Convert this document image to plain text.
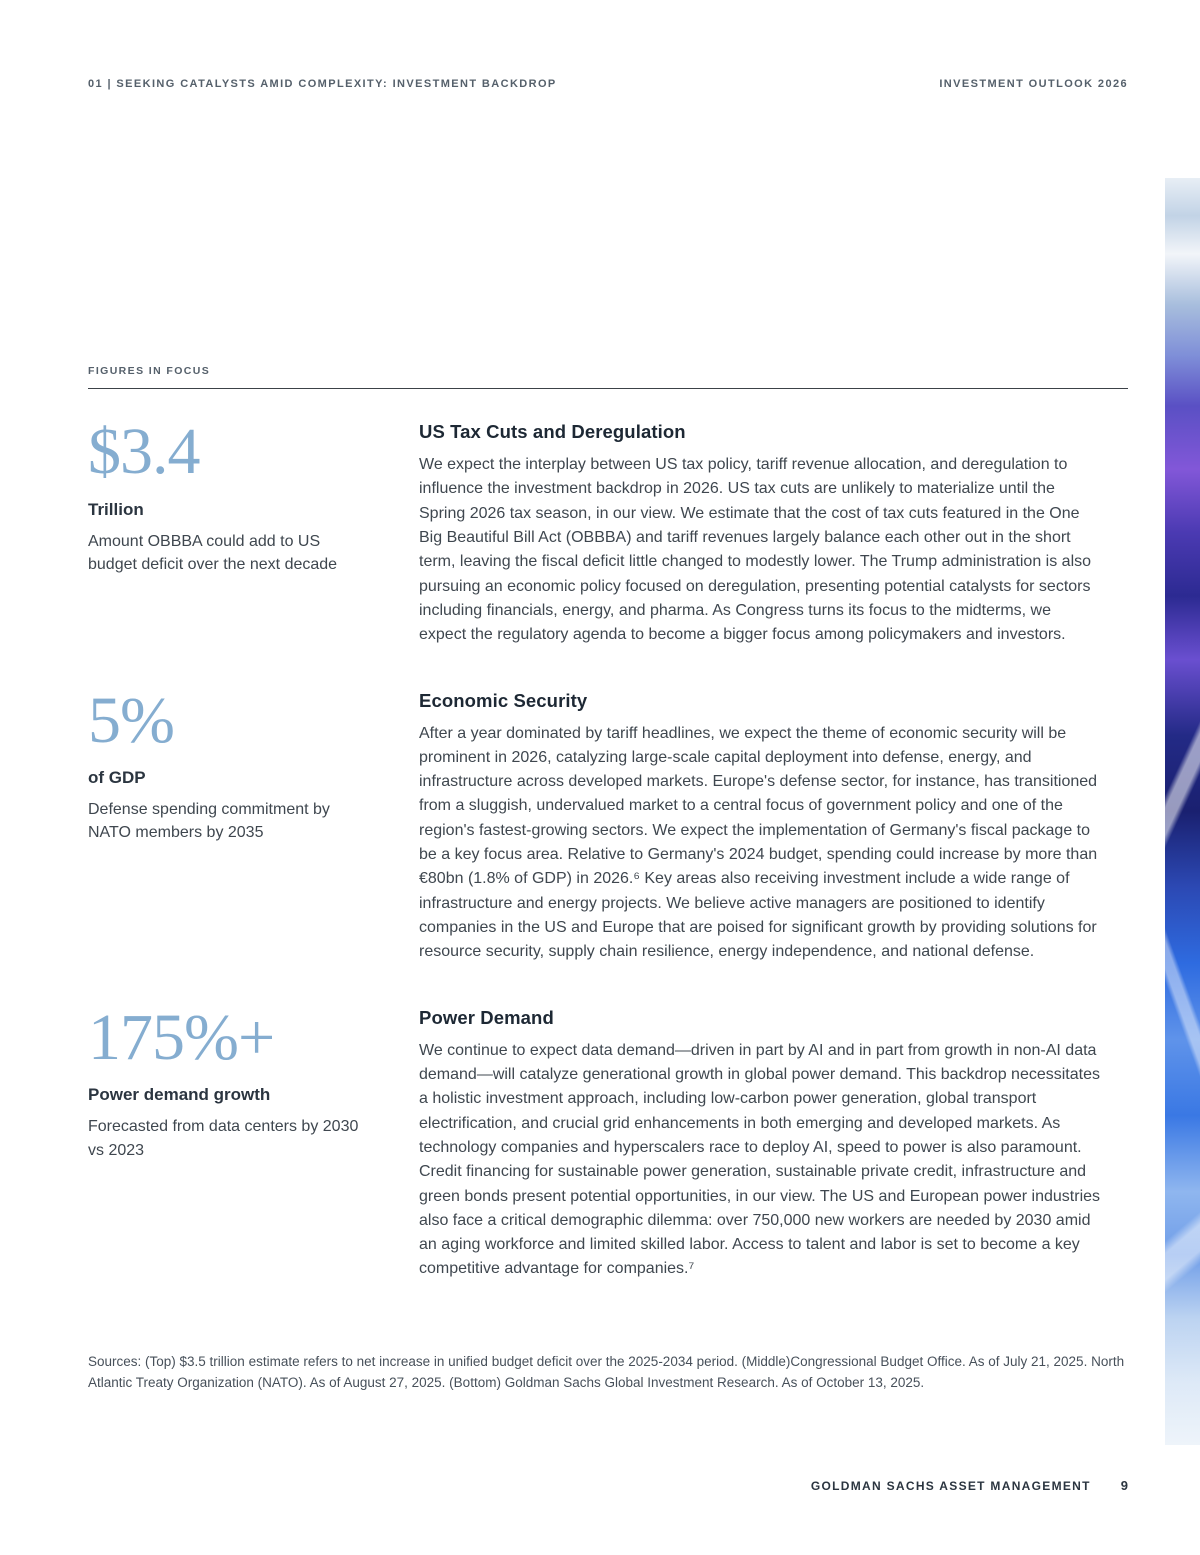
01 | SEEKING CATALYSTS AMID COMPLEXITY: INVESTMENT BACKDROP	INVESTMENT OUTLOOK 2026
FIGURES IN FOCUS
$3.4
Trillion
Amount OBBBA could add to US budget deficit over the next decade
US Tax Cuts and Deregulation
We expect the interplay between US tax policy, tariff revenue allocation, and deregulation to influence the investment backdrop in 2026. US tax cuts are unlikely to materialize until the Spring 2026 tax season, in our view. We estimate that the cost of tax cuts featured in the One Big Beautiful Bill Act (OBBBA) and tariff revenues largely balance each other out in the short term, leaving the fiscal deficit little changed to modestly lower. The Trump administration is also pursuing an economic policy focused on deregulation, presenting potential catalysts for sectors including financials, energy, and pharma. As Congress turns its focus to the midterms, we expect the regulatory agenda to become a bigger focus among policymakers and investors.
5%
of GDP
Defense spending commitment by NATO members by 2035
Economic Security
After a year dominated by tariff headlines, we expect the theme of economic security will be prominent in 2026, catalyzing large-scale capital deployment into defense, energy, and infrastructure across developed markets. Europe's defense sector, for instance, has transitioned from a sluggish, undervalued market to a central focus of government policy and one of the region's fastest-growing sectors. We expect the implementation of Germany's fiscal package to be a key focus area. Relative to Germany's 2024 budget, spending could increase by more than €80bn (1.8% of GDP) in 2026.⁶ Key areas also receiving investment include a wide range of infrastructure and energy projects. We believe active managers are positioned to identify companies in the US and Europe that are poised for significant growth by providing solutions for resource security, supply chain resilience, energy independence, and national defense.
175%+
Power demand growth
Forecasted from data centers by 2030 vs 2023
Power Demand
We continue to expect data demand—driven in part by AI and in part from growth in non-AI data demand—will catalyze generational growth in global power demand. This backdrop necessitates a holistic investment approach, including low-carbon power generation, global transport electrification, and crucial grid enhancements in both emerging and developed markets. As technology companies and hyperscalers race to deploy AI, speed to power is also paramount. Credit financing for sustainable power generation, sustainable private credit, infrastructure and green bonds present potential opportunities, in our view. The US and European power industries also face a critical demographic dilemma: over 750,000 new workers are needed by 2030 amid an aging workforce and limited skilled labor. Access to talent and labor is set to become a key competitive advantage for companies.⁷
Sources: (Top) $3.5 trillion estimate refers to net increase in unified budget deficit over the 2025-2034 period. (Middle)Congressional Budget Office. As of July 21, 2025. North Atlantic Treaty Organization (NATO). As of August 27, 2025. (Bottom) Goldman Sachs Global Investment Research. As of October 13, 2025.
GOLDMAN SACHS ASSET MANAGEMENT 9
